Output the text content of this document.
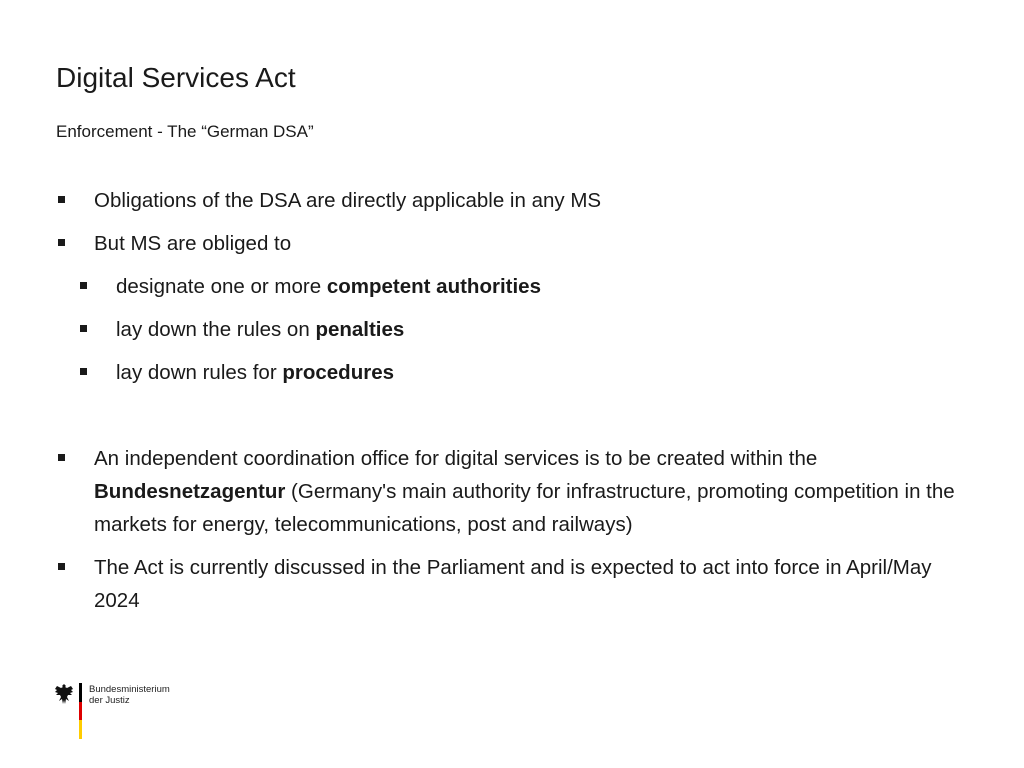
Digital Services Act

Enforcement - The “German DSA”

Obligations of the DSA are directly applicable in any MS
But MS are obliged to
designate one or more competent authorities
lay down the rules on penalties
lay down rules for procedures
An independent coordination office for digital services is to be created within the Bundesnetzagentur (Germany's main authority for infrastructure, promoting competition in the markets for energy, telecommunications, post and railways)
The Act is currently discussed in the Parliament and is expected to act into force in April/May 2024
Bundesministerium
der Justiz
